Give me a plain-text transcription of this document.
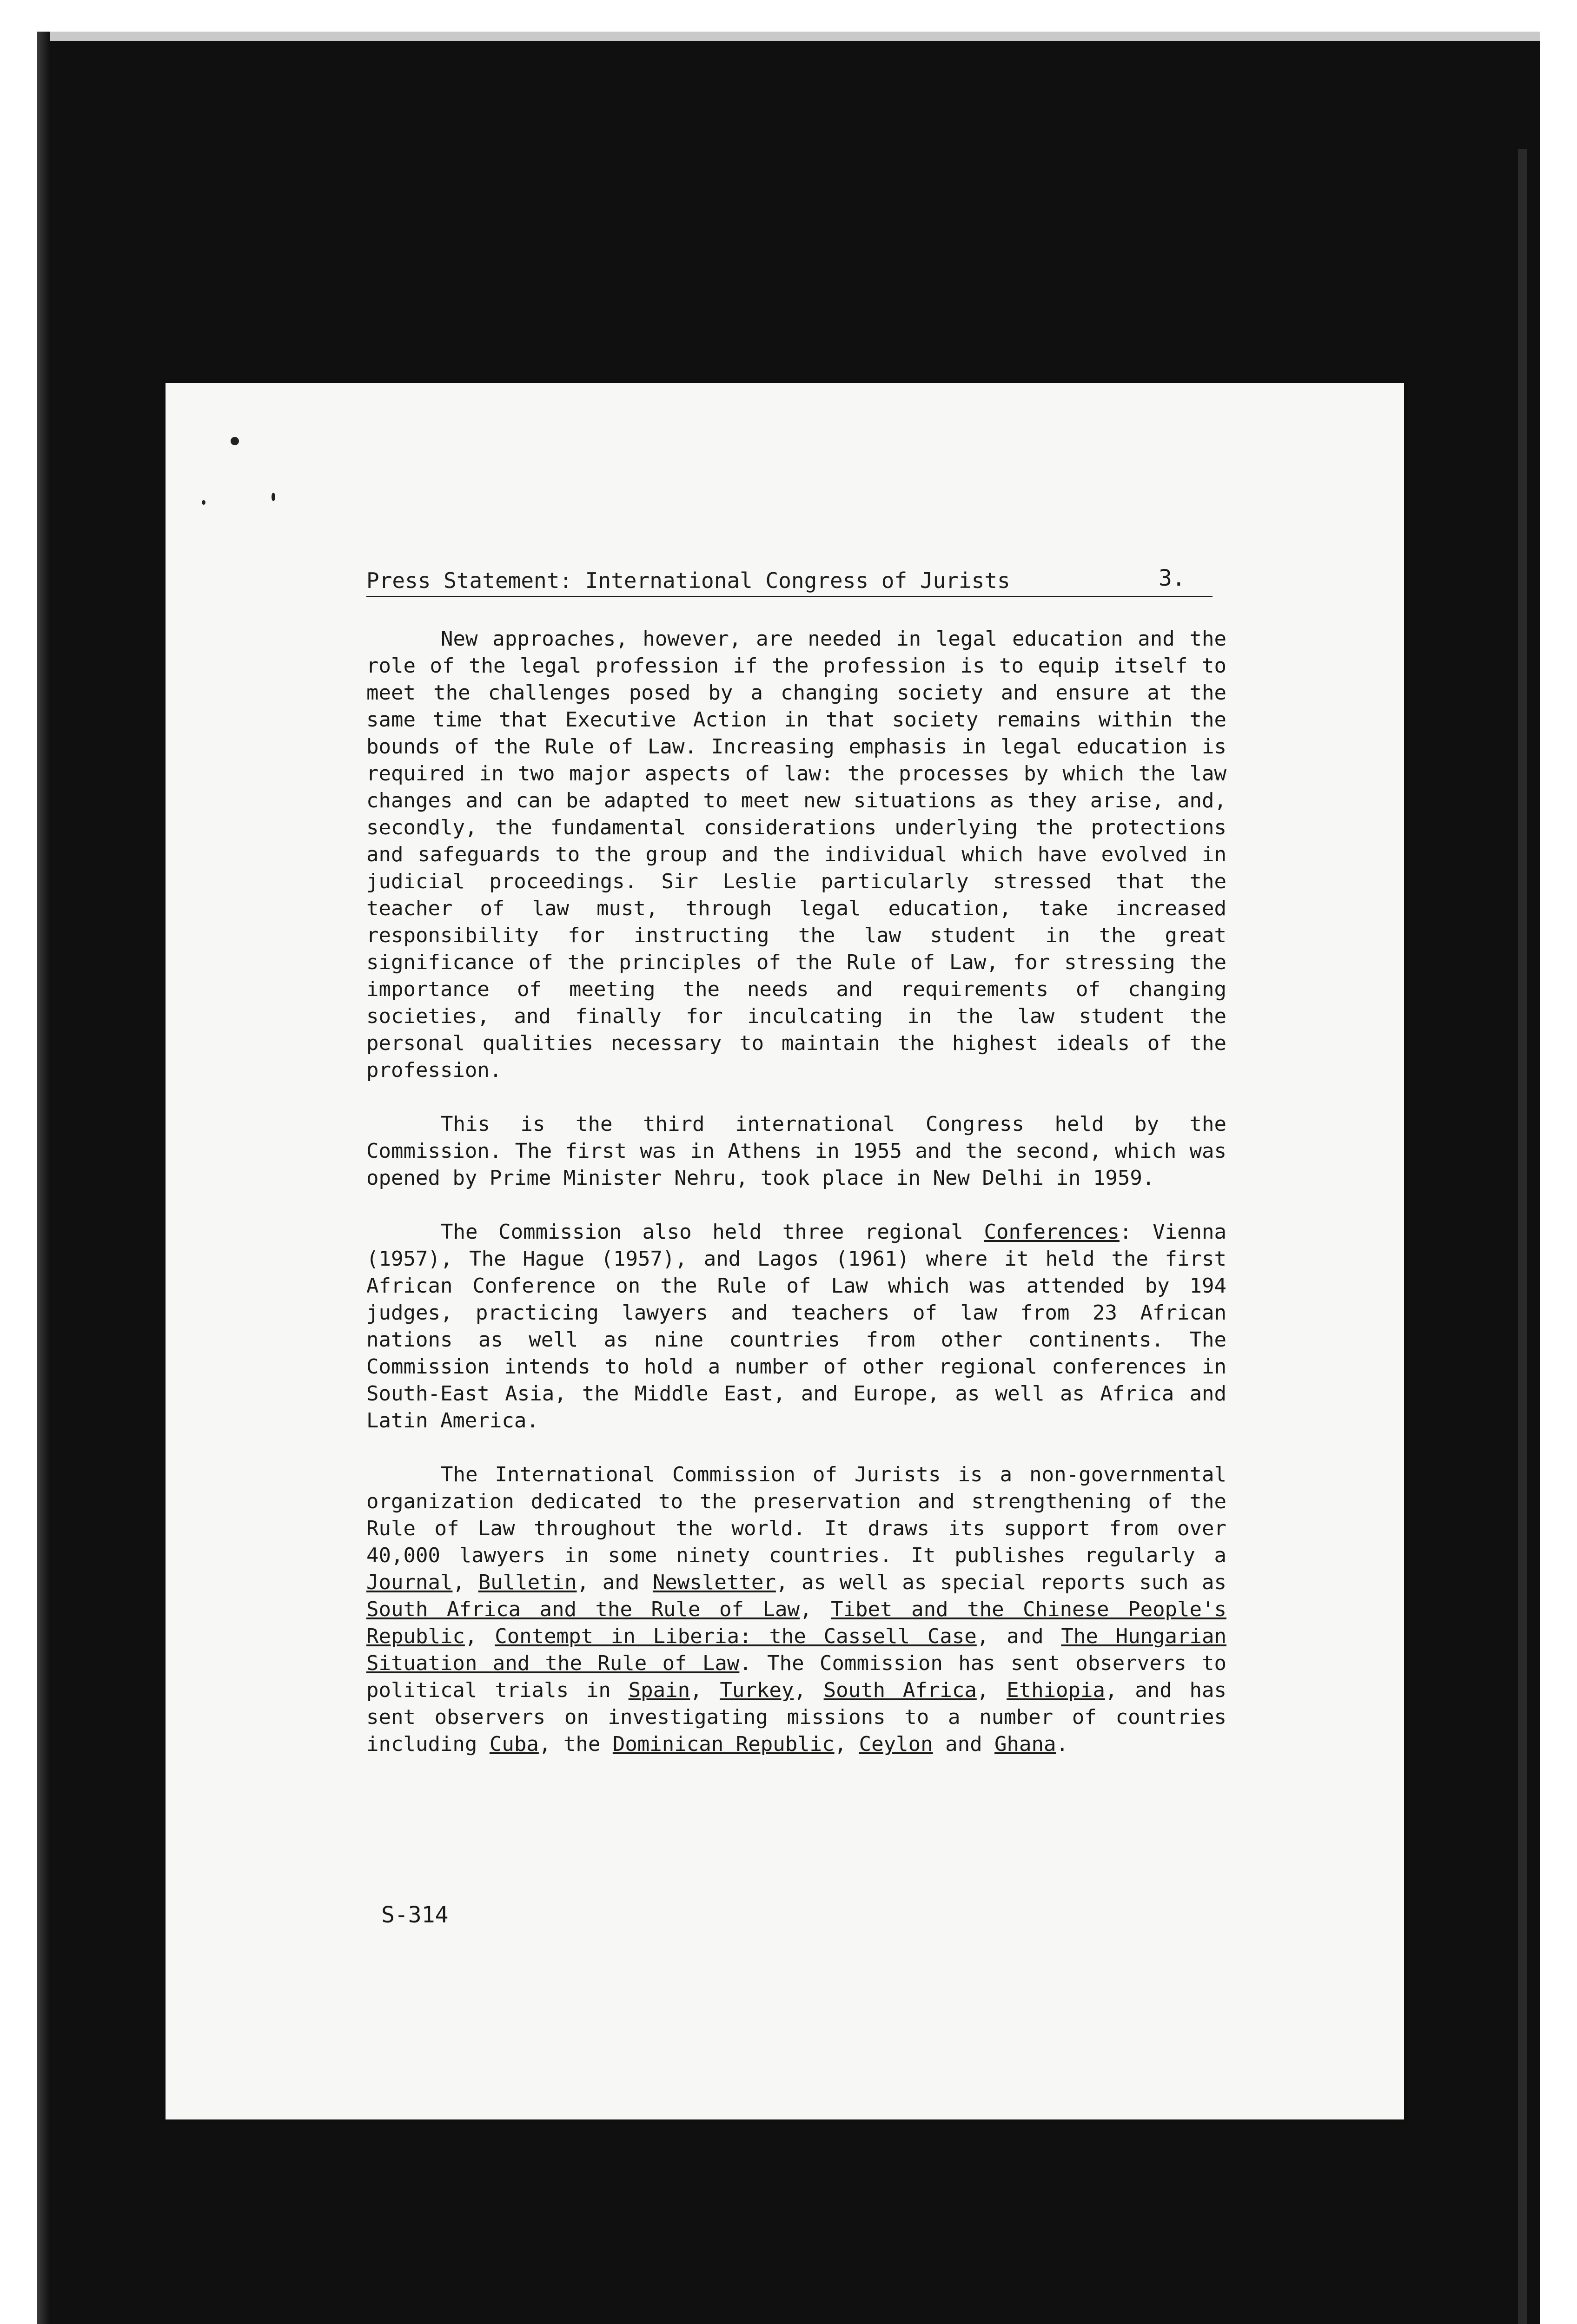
Press Statement: International Congress of Jurists	3.

New approaches, however, are needed in legal education and the role of the legal profession if the profession is to equip itself to meet the challenges posed by a changing society and ensure at the same time that Executive Action in that society remains within the bounds of the Rule of Law. Increasing emphasis in legal education is required in two major aspects of law: the processes by which the law changes and can be adapted to meet new situations as they arise, and, secondly, the fundamental considerations underlying the protections and safeguards to the group and the individual which have evolved in judicial proceedings. Sir Leslie particularly stressed that the teacher of law must, through legal education, take increased responsibility for instructing the law student in the great significance of the principles of the Rule of Law, for stressing the importance of meeting the needs and requirements of changing societies, and finally for inculcating in the law student the personal qualities necessary to maintain the highest ideals of the profession.

This is the third international Congress held by the Commission. The first was in Athens in 1955 and the second, which was opened by Prime Minister Nehru, took place in New Delhi in 1959.

The Commission also held three regional Conferences: Vienna (1957), The Hague (1957), and Lagos (1961) where it held the first African Conference on the Rule of Law which was attended by 194 judges, practicing lawyers and teachers of law from 23 African nations as well as nine countries from other continents. The Commission intends to hold a number of other regional conferences in South-East Asia, the Middle East, and Europe, as well as Africa and Latin America.

The International Commission of Jurists is a non-governmental organization dedicated to the preservation and strengthening of the Rule of Law throughout the world. It draws its support from over 40,000 lawyers in some ninety countries. It publishes regularly a Journal, Bulletin, and Newsletter, as well as special reports such as South Africa and the Rule of Law, Tibet and the Chinese People's Republic, Contempt in Liberia: the Cassell Case, and The Hungarian Situation and the Rule of Law. The Commission has sent observers to political trials in Spain, Turkey, South Africa, Ethiopia, and has sent observers on investigating missions to a number of countries including Cuba, the Dominican Republic, Ceylon and Ghana.

S-314
